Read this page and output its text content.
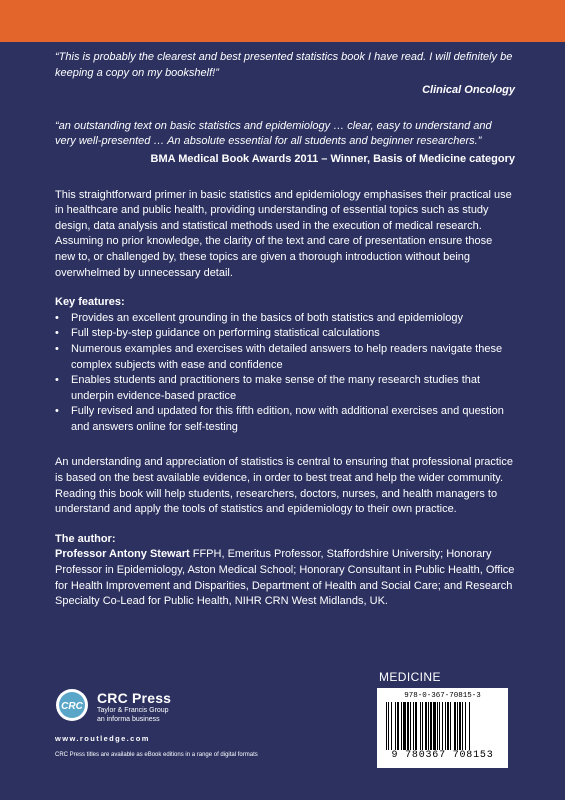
“This is probably the clearest and best presented statistics book I have read. I will definitely be keeping a copy on my bookshelf!”

Clinical Oncology

“an outstanding text on basic statistics and epidemiology … clear, easy to understand and very well-presented … An absolute essential for all students and beginner researchers.”

BMA Medical Book Awards 2011 – Winner, Basis of Medicine category

This straightforward primer in basic statistics and epidemiology emphasises their practical use in healthcare and public health, providing understanding of essential topics such as study design, data analysis and statistical methods used in the execution of medical research. Assuming no prior knowledge, the clarity of the text and care of presentation ensure those new to, or challenged by, these topics are given a thorough introduction without being overwhelmed by unnecessary detail.

Key features:

• Provides an excellent grounding in the basics of both statistics and epidemiology
• Full step-by-step guidance on performing statistical calculations
• Numerous examples and exercises with detailed answers to help readers navigate these complex subjects with ease and confidence
• Enables students and practitioners to make sense of the many research studies that underpin evidence-based practice
• Fully revised and updated for this fifth edition, now with additional exercises and question and answers online for self-testing

An understanding and appreciation of statistics is central to ensuring that professional practice is based on the best available evidence, in order to best treat and help the wider community. Reading this book will help students, researchers, doctors, nurses, and health managers to understand and apply the tools of statistics and epidemiology to their own practice.

The author:

Professor Antony Stewart FFPH, Emeritus Professor, Staffordshire University; Honorary Professor in Epidemiology, Aston Medical School; Honorary Consultant in Public Health, Office for Health Improvement and Disparities, Department of Health and Social Care; and Research Specialty Co-Lead for Public Health, NIHR CRN West Midlands, UK.

CRC
CRC Press
Taylor & Francis Group
an informa business
www.routledge.com
CRC Press titles are available as eBook editions in a range of digital formats
MEDICINE
978-0-367-70815-3
9 780367 708153
